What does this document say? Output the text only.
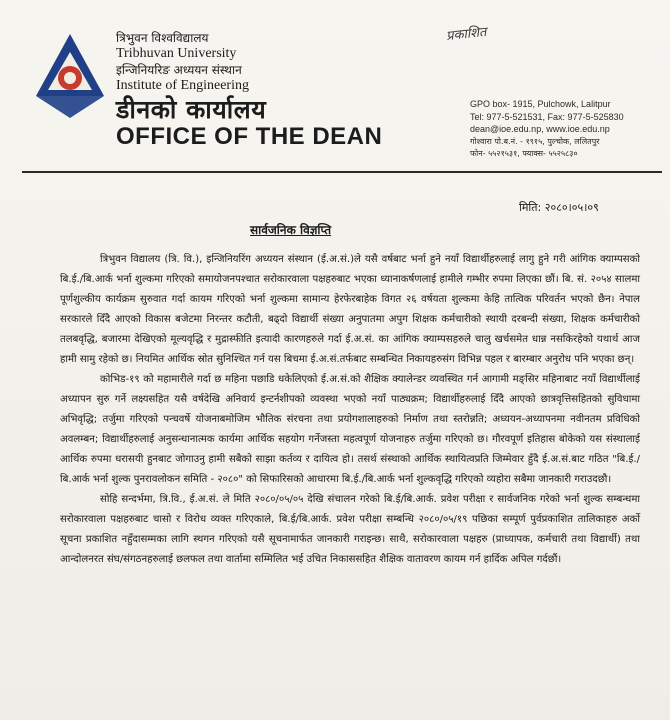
त्रिभुवन विश्वविद्यालय
Tribhuvan University
इन्जिनियरिङ अध्ययन संस्थान
Institute of Engineering
डीनको कार्यालय
OFFICE OF THE DEAN
प्रकाशित
GPO box- 1915, Pulchowk, Lalitpur
Tel: 977-5-521531, Fax: 977-5-525830
dean@ioe.edu.np, www.ioe.edu.np
गोश्वारा पो.ब.नं. - १९१५, पुल्चोक, ललितपुर
फोन- ५५२१५३१, फ्याक्स- ५५२५८३०
मिति: २०८०।०५।०९
सार्वजनिक विज्ञप्ति

त्रिभुवन विद्यालय (त्रि. वि.), इन्जिनियरिंग अध्ययन संस्थान (ई.अ.सं.)ले यसै वर्षबाट भर्ना हुने नयाँ विद्यार्थीहरुलाई लागु हुने गरी आंगिक क्याम्पसको बि.ई./बि.आर्क भर्ना शुल्कमा गरिएको समायोजनपश्चात सरोकारवाला पक्षहरुबाट भएका ध्यानाकर्षणलाई हामीले गम्भीर रुपमा लिएका छौं। बि. सं. २०५४ सालमा पूर्णशुल्कीय कार्यक्रम सुरुवात गर्दा कायम गरिएको भर्ना शुल्कमा सामान्य हेरफेरबाहेक विगत २६ वर्षयता शुल्कमा केहि तात्विक परिवर्तन भएको छैन। नेपाल सरकारले दिँदै आएको विकास बजेटमा निरन्तर कटौती, बढ्दो विद्यार्थी संख्या अनुपातमा अपुग शिक्षक कर्मचारीको स्थायी दरबन्दी संख्या, शिक्षक कर्मचारीको तलबवृद्धि, बजारमा देखिएको मूल्यवृद्धि र मुद्रास्फीति इत्यादी कारणहरुले गर्दा ई.अ.सं. का आंगिक क्याम्पसहरुले चालु खर्चसमेत धान्न नसकिरहेको यथार्थ आज हामी सामु रहेको छ। नियमित आर्थिक स्रोत सुनिश्चित गर्न यस बिचमा ई.अ.सं.तर्फबाट सम्बन्धित निकायहरुसंग विभिन्न पहल र बारम्बार अनुरोध पनि भएका छन्।

कोभिड-१९ को महामारीले गर्दा छ महिना पछाडि धकेलिएको ई.अ.सं.को शैक्षिक क्यालेन्डर व्यवस्थित गर्न आगामी मङ्सिर महिनाबाट नयाँ विद्यार्थीलाई अध्यापन सुरु गर्ने लक्ष्यसहित यसै वर्षदेखि अनिवार्य इन्टर्नशीपको व्यवस्था भएको नयाँ पाठ्यक्रम; विद्यार्थीहरुलाई दिँदै आएको छात्रवृत्तिसहितको सुविधामा अभिवृद्धि; तर्जुमा गरिएको पन्चवर्षे योजनाबमोजिम भौतिक संरचना तथा प्रयोगशालाहरुको निर्माण तथा स्तरोन्नति; अध्ययन-अध्यापनमा नवीनतम प्रविधिको अवलम्बन; विद्यार्थीहरुलाई अनुसन्धानात्मक कार्यमा आर्थिक सहयोग गर्नेजस्ता महत्वपूर्ण योजनाहरु तर्जुमा गरिएको छ। गौरवपूर्ण इतिहास बोकेको यस संस्थालाई आर्थिक रुपमा धरासयी हुनबाट जोगाउनु हामी सबैको साझा कर्तव्य र दायित्व हो। तसर्थ संस्थाको आर्थिक स्थायित्वप्रति जिम्मेवार हुँदै ई.अ.सं.बाट गठित "बि.ई./बि.आर्क भर्ना शुल्क पुनरावलोकन समिति - २०८०" को सिफारिसको आधारमा बि.ई./बि.आर्क भर्ना शुल्कवृद्धि गरिएको व्यहोरा सबैमा जानकारी गराउदछौ।

सोहि सन्दर्भमा, त्रि.वि., ई.अ.सं. ले मिति २०८०/०५/०५ देखि संचालन गरेको बि.ई/बि.आर्क. प्रवेश परीक्षा र सार्वजनिक गरेको भर्ना शुल्क सम्बन्धमा सरोकारवाला पक्षहरुबाट चासो र विरोध व्यक्त गरिएकाले, बि.ई/बि.आर्क. प्रवेश परीक्षा सम्बन्धि २०८०/०५/१९ पछिका सम्पूर्ण पुर्वप्रकाशित तालिकाहरु अर्को सूचना प्रकाशित नहुँदासम्मका लागि स्थगन गरिएको यसै सूचनामार्फत जानकारी गराइन्छ। साथै, सरोकारवाला पक्षहरु (प्राध्यापक, कर्मचारी तथा विद्यार्थी) तथा आन्दोलनरत संघ/संगठनहरुलाई छलफल तथा वार्तामा सम्मिलित भई उचित निकाससहित शैक्षिक वातावरण कायम गर्न हार्दिक अपिल गर्दछौं।
